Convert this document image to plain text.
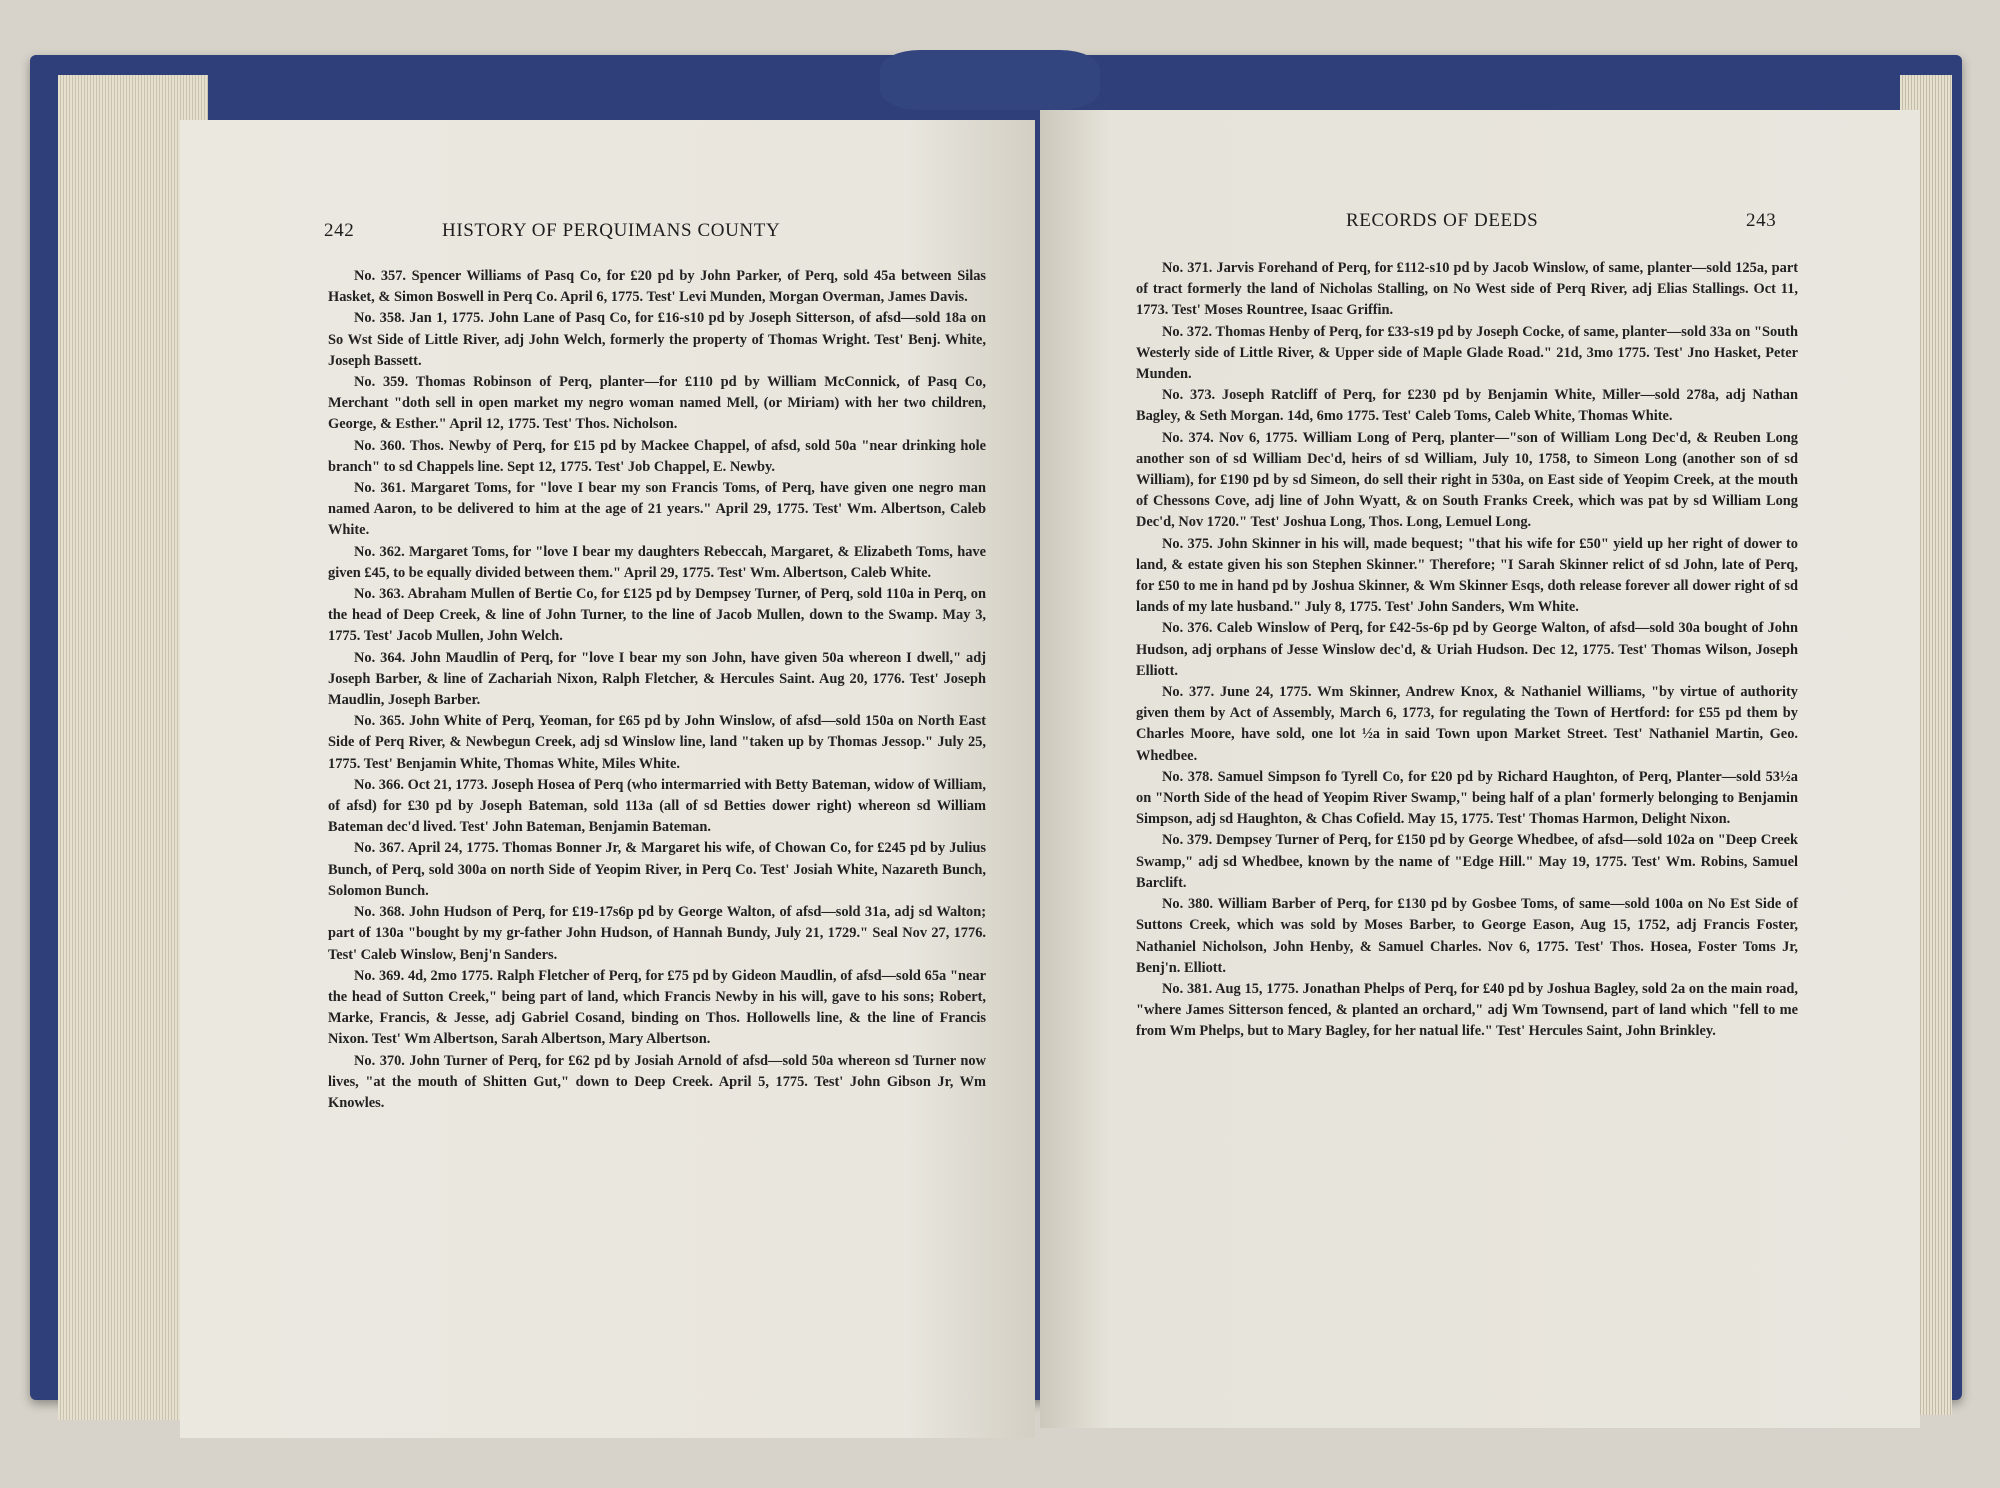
242	HISTORY OF PERQUIMANS COUNTY

No. 357. Spencer Williams of Pasq Co, for £20 pd by John Parker, of Perq, sold 45a between Silas Hasket, & Simon Boswell in Perq Co. April 6, 1775. Test' Levi Munden, Morgan Overman, James Davis.

No. 358. Jan 1, 1775. John Lane of Pasq Co, for £16-s10 pd by Joseph Sitterson, of afsd—sold 18a on So Wst Side of Little River, adj John Welch, formerly the property of Thomas Wright. Test' Benj. White, Joseph Bassett.

No. 359. Thomas Robinson of Perq, planter—for £110 pd by William McConnick, of Pasq Co, Merchant "doth sell in open market my negro woman named Mell, (or Miriam) with her two children, George, & Esther." April 12, 1775. Test' Thos. Nicholson.

No. 360. Thos. Newby of Perq, for £15 pd by Mackee Chappel, of afsd, sold 50a "near drinking hole branch" to sd Chappels line. Sept 12, 1775. Test' Job Chappel, E. Newby.

No. 361. Margaret Toms, for "love I bear my son Francis Toms, of Perq, have given one negro man named Aaron, to be delivered to him at the age of 21 years." April 29, 1775. Test' Wm. Albertson, Caleb White.

No. 362. Margaret Toms, for "love I bear my daughters Rebeccah, Margaret, & Elizabeth Toms, have given £45, to be equally divided between them." April 29, 1775. Test' Wm. Albertson, Caleb White.

No. 363. Abraham Mullen of Bertie Co, for £125 pd by Dempsey Turner, of Perq, sold 110a in Perq, on the head of Deep Creek, & line of John Turner, to the line of Jacob Mullen, down to the Swamp. May 3, 1775. Test' Jacob Mullen, John Welch.

No. 364. John Maudlin of Perq, for "love I bear my son John, have given 50a whereon I dwell," adj Joseph Barber, & line of Zachariah Nixon, Ralph Fletcher, & Hercules Saint. Aug 20, 1776. Test' Joseph Maudlin, Joseph Barber.

No. 365. John White of Perq, Yeoman, for £65 pd by John Winslow, of afsd—sold 150a on North East Side of Perq River, & Newbegun Creek, adj sd Winslow line, land "taken up by Thomas Jessop." July 25, 1775. Test' Benjamin White, Thomas White, Miles White.

No. 366. Oct 21, 1773. Joseph Hosea of Perq (who intermarried with Betty Bateman, widow of William, of afsd) for £30 pd by Joseph Bateman, sold 113a (all of sd Betties dower right) whereon sd William Bateman dec'd lived. Test' John Bateman, Benjamin Bateman.

No. 367. April 24, 1775. Thomas Bonner Jr, & Margaret his wife, of Chowan Co, for £245 pd by Julius Bunch, of Perq, sold 300a on north Side of Yeopim River, in Perq Co. Test' Josiah White, Nazareth Bunch, Solomon Bunch.

No. 368. John Hudson of Perq, for £19-17s6p pd by George Walton, of afsd—sold 31a, adj sd Walton; part of 130a "bought by my gr-father John Hudson, of Hannah Bundy, July 21, 1729." Seal Nov 27, 1776. Test' Caleb Winslow, Benj'n Sanders.

No. 369. 4d, 2mo 1775. Ralph Fletcher of Perq, for £75 pd by Gideon Maudlin, of afsd—sold 65a "near the head of Sutton Creek," being part of land, which Francis Newby in his will, gave to his sons; Robert, Marke, Francis, & Jesse, adj Gabriel Cosand, binding on Thos. Hollowells line, & the line of Francis Nixon. Test' Wm Albertson, Sarah Albertson, Mary Albertson.

No. 370. John Turner of Perq, for £62 pd by Josiah Arnold of afsd—sold 50a whereon sd Turner now lives, "at the mouth of Shitten Gut," down to Deep Creek. April 5, 1775. Test' John Gibson Jr, Wm Knowles.

RECORDS OF DEEDS	243

No. 371. Jarvis Forehand of Perq, for £112-s10 pd by Jacob Winslow, of same, planter—sold 125a, part of tract formerly the land of Nicholas Stalling, on No West side of Perq River, adj Elias Stallings. Oct 11, 1773. Test' Moses Rountree, Isaac Griffin.

No. 372. Thomas Henby of Perq, for £33-s19 pd by Joseph Cocke, of same, planter—sold 33a on "South Westerly side of Little River, & Upper side of Maple Glade Road." 21d, 3mo 1775. Test' Jno Hasket, Peter Munden.

No. 373. Joseph Ratcliff of Perq, for £230 pd by Benjamin White, Miller—sold 278a, adj Nathan Bagley, & Seth Morgan. 14d, 6mo 1775. Test' Caleb Toms, Caleb White, Thomas White.

No. 374. Nov 6, 1775. William Long of Perq, planter—"son of William Long Dec'd, & Reuben Long another son of sd William Dec'd, heirs of sd William, July 10, 1758, to Simeon Long (another son of sd William), for £190 pd by sd Simeon, do sell their right in 530a, on East side of Yeopim Creek, at the mouth of Chessons Cove, adj line of John Wyatt, & on South Franks Creek, which was pat by sd William Long Dec'd, Nov 1720." Test' Joshua Long, Thos. Long, Lemuel Long.

No. 375. John Skinner in his will, made bequest; "that his wife for £50" yield up her right of dower to land, & estate given his son Stephen Skinner." Therefore; "I Sarah Skinner relict of sd John, late of Perq, for £50 to me in hand pd by Joshua Skinner, & Wm Skinner Esqs, doth release forever all dower right of sd lands of my late husband." July 8, 1775. Test' John Sanders, Wm White.

No. 376. Caleb Winslow of Perq, for £42-5s-6p pd by George Walton, of afsd—sold 30a bought of John Hudson, adj orphans of Jesse Winslow dec'd, & Uriah Hudson. Dec 12, 1775. Test' Thomas Wilson, Joseph Elliott.

No. 377. June 24, 1775. Wm Skinner, Andrew Knox, & Nathaniel Williams, "by virtue of authority given them by Act of Assembly, March 6, 1773, for regulating the Town of Hertford: for £55 pd them by Charles Moore, have sold, one lot ½a in said Town upon Market Street. Test' Nathaniel Martin, Geo. Whedbee.

No. 378. Samuel Simpson fo Tyrell Co, for £20 pd by Richard Haughton, of Perq, Planter—sold 53½a on "North Side of the head of Yeopim River Swamp," being half of a plan' formerly belonging to Benjamin Simpson, adj sd Haughton, & Chas Cofield. May 15, 1775. Test' Thomas Harmon, Delight Nixon.

No. 379. Dempsey Turner of Perq, for £150 pd by George Whedbee, of afsd—sold 102a on "Deep Creek Swamp," adj sd Whedbee, known by the name of "Edge Hill." May 19, 1775. Test' Wm. Robins, Samuel Barclift.

No. 380. William Barber of Perq, for £130 pd by Gosbee Toms, of same—sold 100a on No Est Side of Suttons Creek, which was sold by Moses Barber, to George Eason, Aug 15, 1752, adj Francis Foster, Nathaniel Nicholson, John Henby, & Samuel Charles. Nov 6, 1775. Test' Thos. Hosea, Foster Toms Jr, Benj'n. Elliott.

No. 381. Aug 15, 1775. Jonathan Phelps of Perq, for £40 pd by Joshua Bagley, sold 2a on the main road, "where James Sitterson fenced, & planted an orchard," adj Wm Townsend, part of land which "fell to me from Wm Phelps, but to Mary Bagley, for her natual life." Test' Hercules Saint, John Brinkley.
